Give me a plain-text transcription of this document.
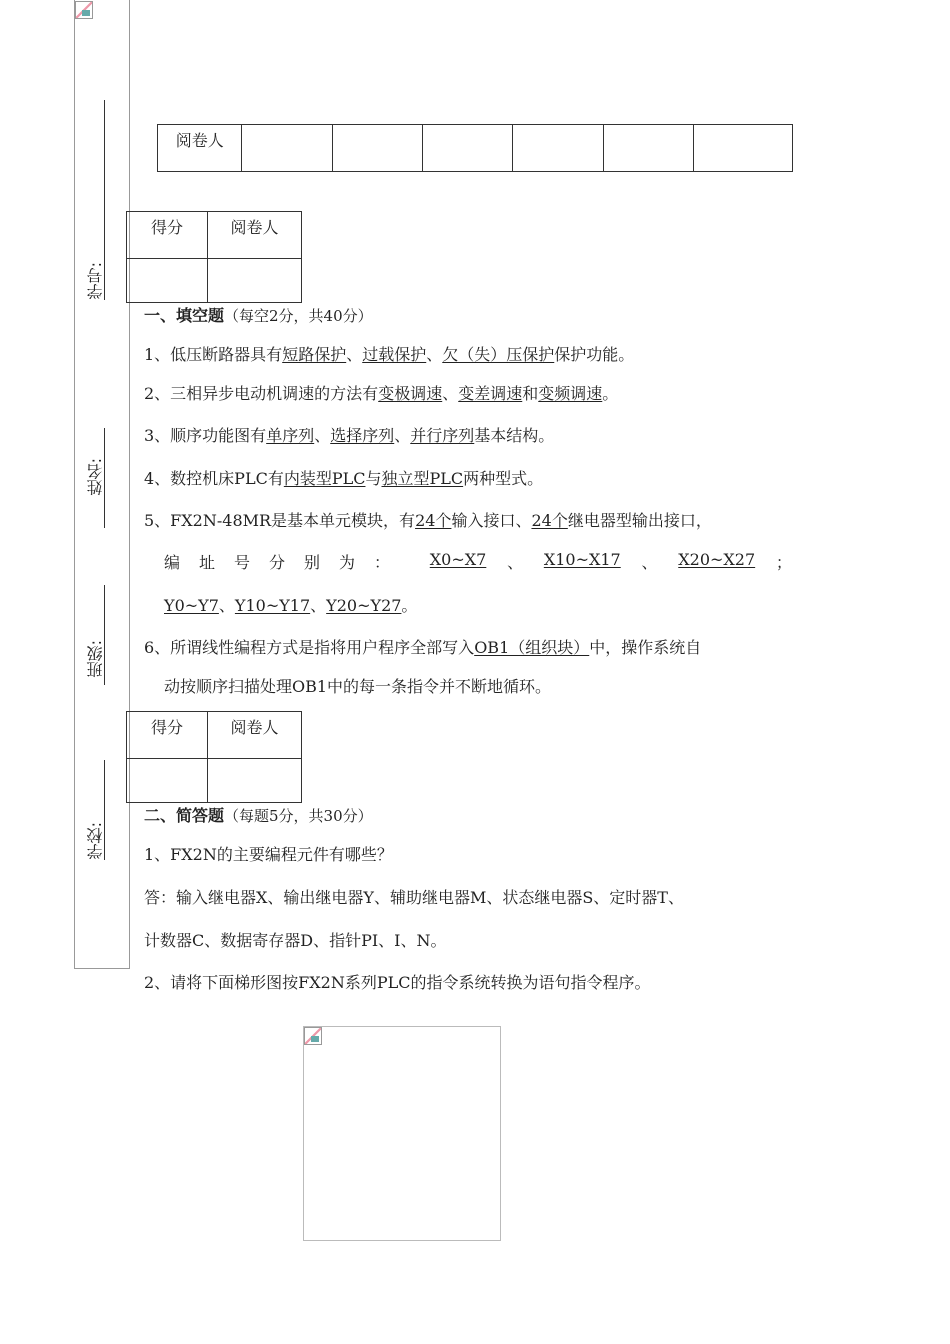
学号:
姓名:
班级:
学校:
阅卷人						
得分	阅卷人

一、填空题（每空2分，共40分）
1、低压断路器具有短路保护、过载保护、欠（失）压保护保护功能。
2、三相异步电动机调速的方法有变极调速、变差调速和变频调速。
3、顺序功能图有单序列、选择序列、并行序列基本结构。
4、数控机床PLC有内装型PLC与独立型PLC两种型式。
5、FX2N-48MR是基本单元模块，有24个输入接口、24个继电器型输出接口，
编址号分别为： X0~X7 、 X10~X17 、 X20~X27 ；
Y0~Y7、Y10~Y17、Y20~Y27。
6、所谓线性编程方式是指将用户程序全部写入OB1（组织块）中，操作系统自
动按顺序扫描处理OB1中的每一条指令并不断地循环。
得分	阅卷人

二、简答题（每题5分，共30分）
1、FX2N的主要编程元件有哪些？
答：输入继电器X、输出继电器Y、辅助继电器M、状态继电器S、定时器T、
计数器C、数据寄存器D、指针PI、I、N。
2、请将下面梯形图按FX2N系列PLC的指令系统转换为语句指令程序。
